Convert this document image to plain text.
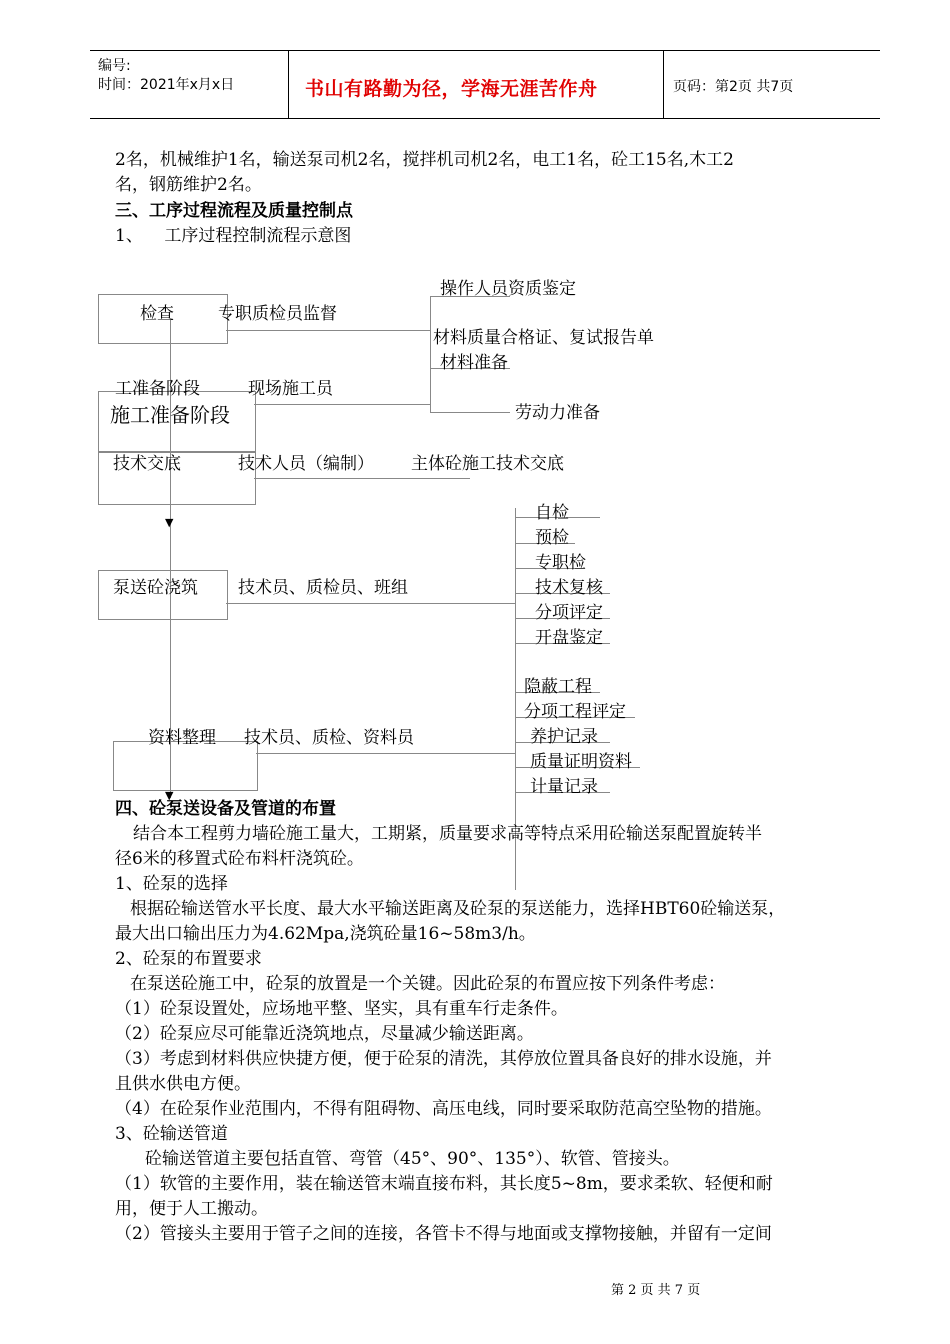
编号:
时间：2021年x月x日	书山有路勤为径，学海无涯苦作舟	页码：第2页 共7页
2名，机械维护1名，输送泵司机2名，搅拌机司机2名，电工1名，砼工15名,木工2
名，钢筋维护2名。
三、工序过程流程及质量控制点
1、    工序过程控制流程示意图
▼
▼
检查	专职质检员监督
操作人员资质鉴定
材料质量合格证、复试报告单
材料准备
工准备阶段	现场施工员
施工准备阶段	劳动力准备
技术交底	技术人员（编制） 主体砼施工技术交底
自检
预检
专职检
技术复核
分项评定
开盘鉴定
泵送砼浇筑 技术员、质检员、班组
隐蔽工程
分项工程评定
养护记录
质量证明资料
计量记录
资料整理 技术员、质检、资料员
四、砼泵送设备及管道的布置
结合本工程剪力墙砼施工量大，工期紧，质量要求高等特点采用砼输送泵配置旋转半
径6米的移置式砼布料杆浇筑砼。
1、砼泵的选择
根据砼输送管水平长度、最大水平输送距离及砼泵的泵送能力，选择HBT60砼输送泵，
最大出口输出压力为4.62Mpa,浇筑砼量16~58m3/h。
2、砼泵的布置要求
在泵送砼施工中，砼泵的放置是一个关键。因此砼泵的布置应按下列条件考虑：
（1）砼泵设置处，应场地平整、坚实，具有重车行走条件。
（2）砼泵应尽可能靠近浇筑地点，尽量减少输送距离。
（3）考虑到材料供应快捷方便，便于砼泵的清洗，其停放位置具备良好的排水设施，并
且供水供电方便。
（4）在砼泵作业范围内，不得有阻碍物、高压电线，同时要采取防范高空坠物的措施。
3、砼输送管道
砼输送管道主要包括直管、弯管（45°、90°、135°）、软管、管接头。
（1）软管的主要作用，装在输送管末端直接布料，其长度5~8m，要求柔软、轻便和耐
用，便于人工搬动。
（2）管接头主要用于管子之间的连接，各管卡不得与地面或支撑物接触，并留有一定间
第 2 页 共 7 页
